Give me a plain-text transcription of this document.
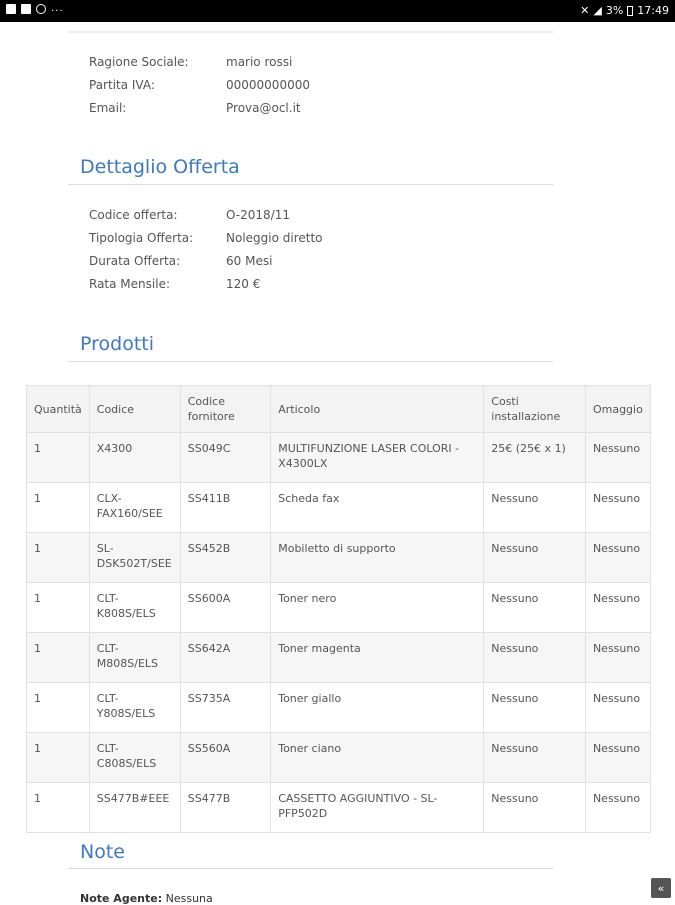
...	✕ ◢ 3% 17:49
Ragione Sociale:	mario rossi
Partita IVA:	00000000000
Email:	Prova@ocl.it
Dettaglio Offerta
Codice offerta:	O-2018/11
Tipologia Offerta:	Noleggio diretto
Durata Offerta:	60 Mesi
Rata Mensile:	120 €
Prodotti
Quantità	Codice	Codice fornitore	Articolo	Costi installazione	Omaggio
1	X4300	SS049C	MULTIFUNZIONE LASER COLORI - X4300LX	25€ (25€ x 1)	Nessuno
1	CLX-FAX160/SEE	SS411B	Scheda fax	Nessuno	Nessuno
1	SL-DSK502T/SEE	SS452B	Mobiletto di supporto	Nessuno	Nessuno
1	CLT-K808S/ELS	SS600A	Toner nero	Nessuno	Nessuno
1	CLT-M808S/ELS	SS642A	Toner magenta	Nessuno	Nessuno
1	CLT-Y808S/ELS	SS735A	Toner giallo	Nessuno	Nessuno
1	CLT-C808S/ELS	SS560A	Toner ciano	Nessuno	Nessuno
1	SS477B#EEE	SS477B	CASSETTO AGGIUNTIVO - SL-PFP502D	Nessuno	Nessuno
Note
Note Agente: Nessuna
«
